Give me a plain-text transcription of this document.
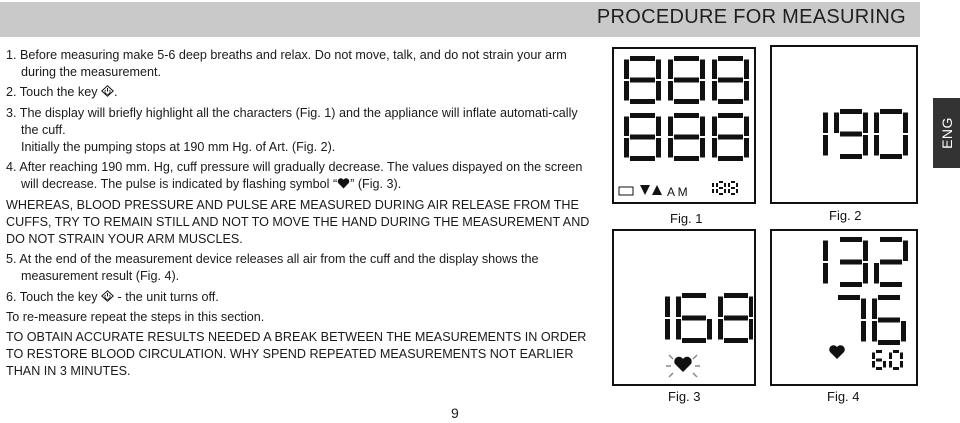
PROCEDURE FOR MEASURING
ENG

1. Before measuring make 5-6 deep breaths and relax. Do not move, talk, and do not strain your arm during the measurement.

2. Touch the key .

3. The display will briefly highlight all the characters (Fig. 1) and the appliance will inflate automati-cally the cuff.

Initially the pumping stops at 190 mm Hg. of Art. (Fig. 2).

4. After reaching 190 mm. Hg, cuff pressure will gradually decrease. The values dispayed on the screen will decrease. The pulse is indicated by flashing symbol “ ” (Fig. 3).

WHEREAS, BLOOD PRESSURE AND PULSE ARE MEASURED DURING AIR RELEASE FROM THE CUFFS, TRY TO REMAIN STILL AND NOT TO MOVE THE HAND DURING THE MEASUREMENT AND DO NOT STRAIN YOUR ARM MUSCLES.

5. At the end of the measurement device releases all air from the cuff and the display shows the measurement result (Fig. 4).

6. Touch the key  - the unit turns off.

To re-measure repeat the steps in this section.

TO OBTAIN ACCURATE RESULTS NEEDED A BREAK BETWEEN THE MEASUREMENTS IN ORDER TO RESTORE BLOOD CIRCULATION. WHY SPEND REPEATED MEASUREMENTS NOT EARLIER THAN IN 3 MINUTES.

A M
Fig. 1	Fig. 2
Fig. 3	Fig. 4
9
